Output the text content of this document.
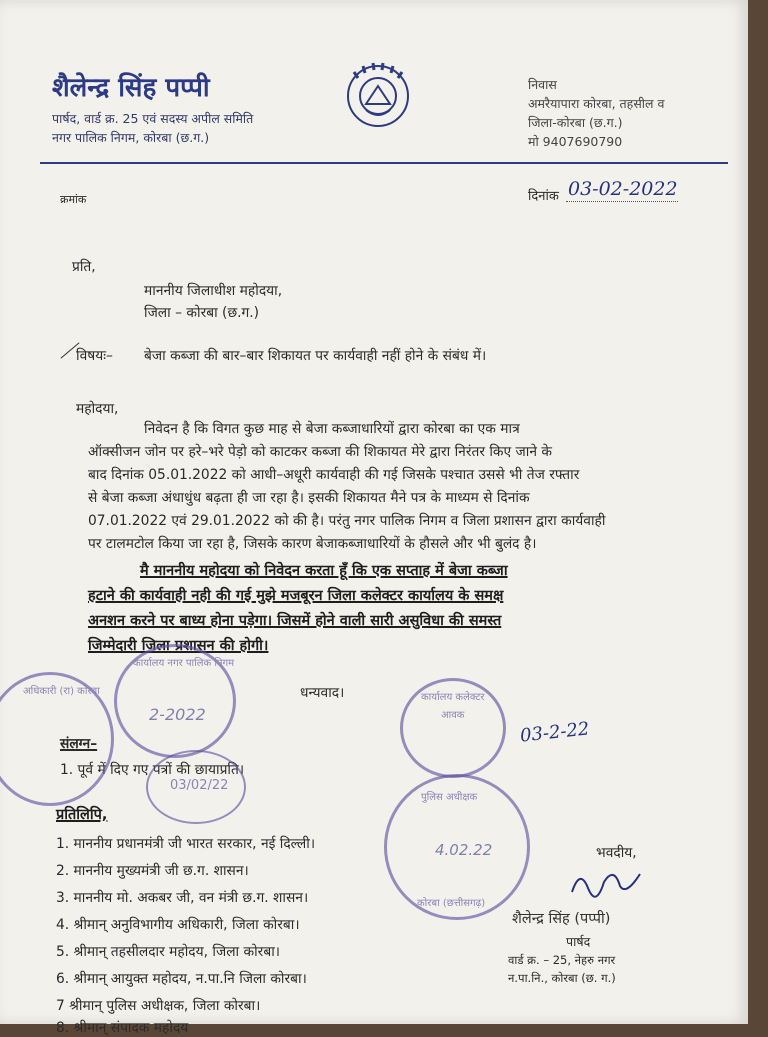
शैलेन्द्र सिंह पप्पी
पार्षद, वार्ड क्र. 25 एवं सदस्य अपील समिति
नगर पालिक निगम, कोरबा (छ.ग.)
निवास
अमरैयापारा कोरबा, तहसील व
जिला-कोरबा (छ.ग.)
मो 9407690790
क्रमांक	दिनांक 03-02-2022
प्रति,
माननीय जिलाधीश महोदया,
जिला – कोरबा (छ.ग.)
विषयः– बेजा कब्जा की बार–बार शिकायत पर कार्यवाही नहीं होने के संबंध में।
महोदया,
निवेदन है कि विगत कुछ माह से बेजा कब्जाधारियों द्वारा कोरबा का एक मात्र
ऑक्सीजन जोन पर हरे–भरे पेड़ो को काटकर कब्जा की शिकायत मेरे द्वारा निरंतर किए जाने के
बाद दिनांक 05.01.2022 को आधी–अधूरी कार्यवाही की गई जिसके पश्चात उससे भी तेज रफ्तार
से बेजा कब्जा अंधाधुंध बढ़ता ही जा रहा है। इसकी शिकायत मैने पत्र के माध्यम से दिनांक
07.01.2022 एवं 29.01.2022 को की है। परंतु नगर पालिक निगम व जिला प्रशासन द्वारा कार्यवाही
पर टालमटोल किया जा रहा है, जिसके कारण बेजाकब्जाधारियों के हौसले और भी बुलंद है।
मै माननीय महोदया को निवेदन करता हूँ कि एक सप्ताह में बेजा कब्जा
हटाने की कार्यवाही नही की गई मुझे मजबूरन जिला कलेक्टर कार्यालय के समक्ष
अनशन करने पर बाध्य होना पड़ेगा। जिसमें होने वाली सारी असुविधा की समस्त
जिम्मेदारी जिला प्रशासन की होगी।
धन्यवाद।
संलग्न–
1. पूर्व में दिए गए पत्रों की छायाप्रति।
प्रतिलिपि,
1. माननीय प्रधानमंत्री जी भारत सरकार, नई दिल्ली।
2. माननीय मुख्यमंत्री जी छ.ग. शासन।
3. माननीय मो. अकबर जी, वन मंत्री छ.ग. शासन।
4. श्रीमान् अनुविभागीय अधिकारी, जिला कोरबा।
5. श्रीमान् तहसीलदार महोदय, जिला कोरबा।
6. श्रीमान् आयुक्त महोदय, न.पा.नि जिला कोरबा।
7 श्रीमान् पुलिस अधीक्षक, जिला कोरबा।
8. श्रीमान् संपादक महोदय
भवदीय,
शैलेन्द्र सिंह (पप्पी)
पार्षद
वार्ड क्र. – 25, नेहरु नगर
न.पा.नि., कोरबा (छ. ग.)
कार्यालय नगर पालिक निगम
2-2022
अधिकारी (रा) कोरबा
03/02/22
कार्यालय कलेक्टर
आवक
03-2-22
पुलिस अधीक्षक
कोरबा (छत्तीसगढ़)
4.02.22
